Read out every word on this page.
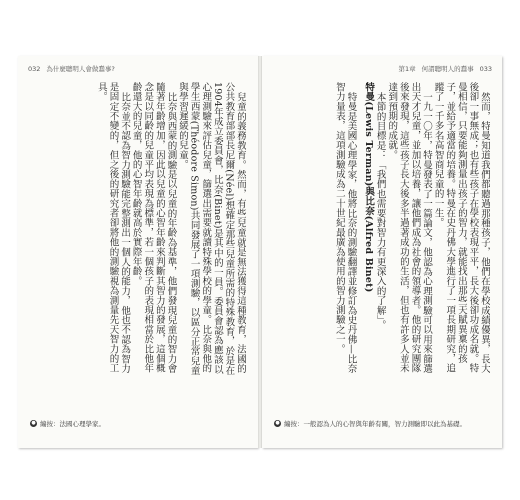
032 為什麼聰明人會做蠢事?

兒童的義務教育。然而，有些兒童就是無法獲得這種教育，法國的公共教育部部長尼爾(Néel)想確定那些兒童所需的特殊教育，於是在1904年成立委員會，比奈(Binet)是其中的一員。委員會認為應該以心理測驗來評估兒童，篩選出需要就讀特殊學校的學童。比奈與他的學生西蒙(Théodore Simon)共同發展了一項測驗，以區分正常兒童與學習遲緩的兒童。

比奈與西蒙的測驗是以兒童的年齡為基準，他們發現兒童的智力會隨著年齡增加，因此以兒童的心智年齡來判斷其智力的發展，這個概念是以同齡的兒童平均表現為標準，若一個孩子的表現相當於比他年齡還大的兒童，他的心智年齡就高於實際年齡。

比奈並不認為智力測驗能完整測出一個人的能力，他也不認為智力是固定不變的，但之後的研究者卻將他的測驗視為測量先天智力的工具。

● 編按：法國心理學家。
第1章 何謂聰明人的蠢事 033

然而，特曼知道我們都聽過那種孩子，他們在學校成績優異，長大後卻一事無成；也有些孩子在學校表現平平，長大後卻功成名就。特曼相信，只要能夠測量出孩子的智力，就能找出那些天賦異稟的孩子，並給予適當的培養。特曼在史丹佛大學進行了一項長期研究，追蹤了一千多名高智商兒童的一生。

一九一〇年，特曼發表了一篇論文，他認為心理測驗可以用來篩選出天才兒童，並加以培養，讓他們成為社會的領導者。他的研究團隊後來發現，這些孩子長大後多半過著成功的生活，但也有許多人並未達到預期的成就。

本節的目標是：「我們也需要對智力有更深入的了解」。

特曼(Lewis Terman)與比奈(Alfred Binet)

特曼是美國心理學家，他將比奈的測驗翻譯並修訂為史丹佛—比奈智力量表，這項測驗成為二十世紀最廣為使用的智力測驗之一。

● 編按：一般認為人的心智與年齡有關，智力測驗即以此為基礎。
